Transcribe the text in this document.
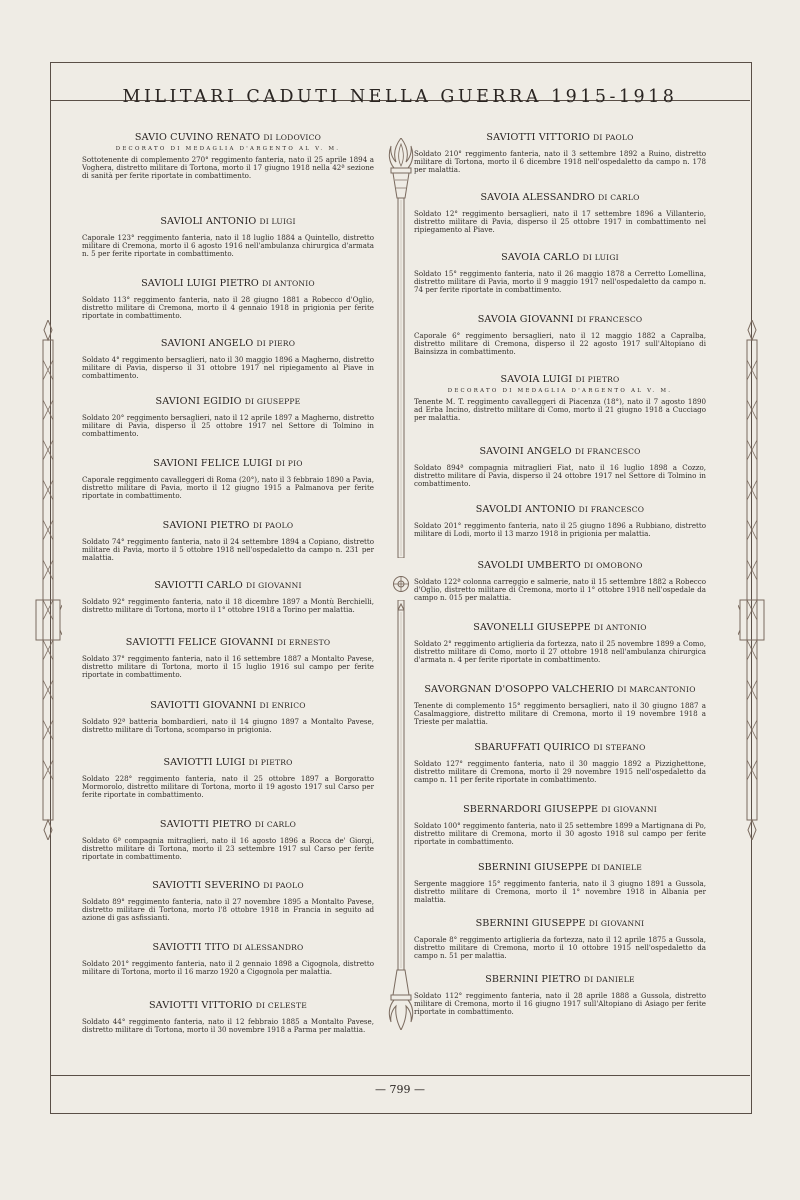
MILITARI CADUTI NELLA GUERRA 1915-1918
SAVIO CUVINO RENATO DI LODOVICO
DECORATO DI MEDAGLIA D'ARGENTO AL V. M.

Sottotenente di complemento 270° reggimento fanteria, nato il 25 aprile 1894 a Voghera, distretto militare di Tortona, morto il 17 giugno 1918 nella 42ª sezione di sanità per ferite riportate in combattimento.

SAVIOLI ANTONIO DI LUIGI

Caporale 123° reggimento fanteria, nato il 18 luglio 1884 a Quintello, distretto militare di Cremona, morto il 6 agosto 1916 nell'ambulanza chirurgica d'armata n. 5 per ferite riportate in combattimento.

SAVIOLI LUIGI PIETRO DI ANTONIO

Soldato 113° reggimento fanteria, nato il 28 giugno 1881 a Robecco d'Oglio, distretto militare di Cremona, morto il 4 gennaio 1918 in prigionia per ferite riportate in combattimento.

SAVIONI ANGELO DI PIERO

Soldato 4° reggimento bersaglieri, nato il 30 maggio 1896 a Magherno, distretto militare di Pavia, disperso il 31 ottobre 1917 nel ripiegamento al Piave in combattimento.

SAVIONI EGIDIO DI GIUSEPPE

Soldato 20° reggimento bersaglieri, nato il 12 aprile 1897 a Magherno, distretto militare di Pavia, disperso il 25 ottobre 1917 nel Settore di Tolmino in combattimento.

SAVIONI FELICE LUIGI DI PIO

Caporale reggimento cavalleggeri di Roma (20°), nato il 3 febbraio 1890 a Pavia, distretto militare di Pavia, morto il 12 giugno 1915 a Palmanova per ferite riportate in combattimento.

SAVIONI PIETRO DI PAOLO

Soldato 74° reggimento fanteria, nato il 24 settembre 1894 a Copiano, distretto militare di Pavia, morto il 5 ottobre 1918 nell'ospedaletto da campo n. 231 per malattia.

SAVIOTTI CARLO DI GIOVANNI

Soldato 92° reggimento fanteria, nato il 18 dicembre 1897 a Montù Berchielli, distretto militare di Tortona, morto il 1° ottobre 1918 a Torino per malattia.

SAVIOTTI FELICE GIOVANNI DI ERNESTO

Soldato 37° reggimento fanteria, nato il 16 settembre 1887 a Montalto Pavese, distretto militare di Tortona, morto il 15 luglio 1916 sul campo per ferite riportate in combattimento.

SAVIOTTI GIOVANNI DI ENRICO

Soldato 92ª batteria bombardieri, nato il 14 giugno 1897 a Montalto Pavese, distretto militare di Tortona, scomparso in prigionia.

SAVIOTTI LUIGI DI PIETRO

Soldato 228° reggimento fanteria, nato il 25 ottobre 1897 a Borgoratto Mormorolo, distretto militare di Tortona, morto il 19 agosto 1917 sul Carso per ferite riportate in combattimento.

SAVIOTTI PIETRO DI CARLO

Soldato 6ª compagnia mitraglieri, nato il 16 agosto 1896 a Rocca de' Giorgi, distretto militare di Tortona, morto il 23 settembre 1917 sul Carso per ferite riportate in combattimento.

SAVIOTTI SEVERINO DI PAOLO

Soldato 89° reggimento fanteria, nato il 27 novembre 1895 a Montalto Pavese, distretto militare di Tortona, morto l'8 ottobre 1918 in Francia in seguito ad azione di gas asfissianti.

SAVIOTTI TITO DI ALESSANDRO

Soldato 201° reggimento fanteria, nato il 2 gennaio 1898 a Cigognola, distretto militare di Tortona, morto il 16 marzo 1920 a Cigognola per malattia.

SAVIOTTI VITTORIO DI CELESTE

Soldato 44° reggimento fanteria, nato il 12 febbraio 1885 a Montalto Pavese, distretto militare di Tortona, morto il 30 novembre 1918 a Parma per malattia.

SAVIOTTI VITTORIO DI PAOLO

Soldato 210° reggimento fanteria, nato il 3 settembre 1892 a Ruino, distretto militare di Tortona, morto il 6 dicembre 1918 nell'ospedaletto da campo n. 178 per malattia.

SAVOIA ALESSANDRO DI CARLO

Soldato 12° reggimento bersaglieri, nato il 17 settembre 1896 a Villanterio, distretto militare di Pavia, disperso il 25 ottobre 1917 in combattimento nel ripiegamento al Piave.

SAVOIA CARLO DI LUIGI

Soldato 15° reggimento fanteria, nato il 26 maggio 1878 a Cerretto Lomellina, distretto militare di Pavia, morto il 9 maggio 1917 nell'ospedaletto da campo n. 74 per ferite riportate in combattimento.

SAVOIA GIOVANNI DI FRANCESCO

Caporale 6° reggimento bersaglieri, nato il 12 maggio 1882 a Capralba, distretto militare di Cremona, disperso il 22 agosto 1917 sull'Altopiano di Bainsizza in combattimento.

SAVOIA LUIGI DI PIETRO
DECORATO DI MEDAGLIA D'ARGENTO AL V. M.

Tenente M. T. reggimento cavalleggeri di Piacenza (18°), nato il 7 agosto 1890 ad Erba Incino, distretto militare di Como, morto il 21 giugno 1918 a Cucciago per malattia.

SAVOINI ANGELO DI FRANCESCO

Soldato 894ª compagnia mitraglieri Fiat, nato il 16 luglio 1898 a Cozzo, distretto militare di Pavia, disperso il 24 ottobre 1917 nel Settore di Tolmino in combattimento.

SAVOLDI ANTONIO DI FRANCESCO

Soldato 201° reggimento fanteria, nato il 25 giugno 1896 a Rubbiano, distretto militare di Lodi, morto il 13 marzo 1918 in prigionia per malattia.

SAVOLDI UMBERTO DI OMOBONO

Soldato 122ª colonna carreggio e salmerie, nato il 15 settembre 1882 a Robecco d'Oglio, distretto militare di Cremona, morto il 1° ottobre 1918 nell'ospedale da campo n. 015 per malattia.

SAVONELLI GIUSEPPE DI ANTONIO

Soldato 2° reggimento artiglieria da fortezza, nato il 25 novembre 1899 a Como, distretto militare di Como, morto il 27 ottobre 1918 nell'ambulanza chirurgica d'armata n. 4 per ferite riportate in combattimento.

SAVORGNAN D'OSOPPO VALCHERIO DI MARCANTONIO

Tenente di complemento 15° reggimento bersaglieri, nato il 30 giugno 1887 a Casalmaggiore, distretto militare di Cremona, morto il 19 novembre 1918 a Trieste per malattia.

SBARUFFATI QUIRICO DI STEFANO

Soldato 127° reggimento fanteria, nato il 30 maggio 1892 a Pizzighettone, distretto militare di Cremona, morto il 29 novembre 1915 nell'ospedaletto da campo n. 11 per ferite riportate in combattimento.

SBERNARDORI GIUSEPPE DI GIOVANNI

Soldato 100° reggimento fanteria, nato il 25 settembre 1899 a Martignana di Po, distretto militare di Cremona, morto il 30 agosto 1918 sul campo per ferite riportate in combattimento.

SBERNINI GIUSEPPE DI DANIELE

Sergente maggiore 15° reggimento fanteria, nato il 3 giugno 1891 a Gussola, distretto militare di Cremona, morto il 1° novembre 1918 in Albania per malattia.

SBERNINI GIUSEPPE DI GIOVANNI

Caporale 8° reggimento artiglieria da fortezza, nato il 12 aprile 1875 a Gussola, distretto militare di Cremona, morto il 10 ottobre 1915 nell'ospedaletto da campo n. 51 per malattia.

SBERNINI PIETRO DI DANIELE

Soldato 112° reggimento fanteria, nato il 28 aprile 1888 a Gussola, distretto militare di Cremona, morto il 16 giugno 1917 sull'Altopiano di Asiago per ferite riportate in combattimento.

— 799 —
